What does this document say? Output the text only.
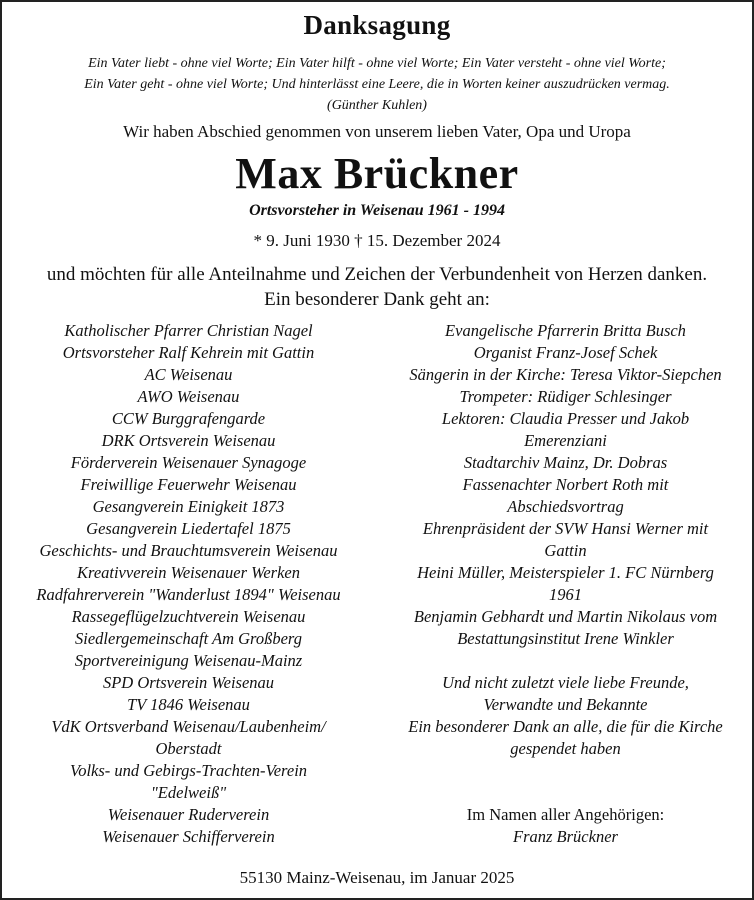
Danksagung
Ein Vater liebt - ohne viel Worte; Ein Vater hilft - ohne viel Worte; Ein Vater versteht - ohne viel Worte;
Ein Vater geht - ohne viel Worte; Und hinterlässt eine Leere, die in Worten keiner auszudrücken vermag.
(Günther Kuhlen)
Wir haben Abschied genommen von unserem lieben Vater, Opa und Uropa
Max Brückner
Ortsvorsteher in Weisenau 1961 - 1994
* 9. Juni 1930 † 15. Dezember 2024
und möchten für alle Anteilnahme und Zeichen der Verbundenheit von Herzen danken.
Ein besonderer Dank geht an:
Katholischer Pfarrer Christian Nagel
Ortsvorsteher Ralf Kehrein mit Gattin
AC Weisenau
AWO Weisenau
CCW Burggrafengarde
DRK Ortsverein Weisenau
Förderverein Weisenauer Synagoge
Freiwillige Feuerwehr Weisenau
Gesangverein Einigkeit 1873
Gesangverein Liedertafel 1875
Geschichts- und Brauchtumsverein Weisenau
Kreativverein Weisenauer Werken
Radfahrerverein "Wanderlust 1894" Weisenau
Rassegeflügelzuchtverein Weisenau
Siedlergemeinschaft Am Großberg
Sportvereinigung Weisenau-Mainz
SPD Ortsverein Weisenau
TV 1846 Weisenau
VdK Ortsverband Weisenau/Laubenheim/
Oberstadt
Volks- und Gebirgs-Trachten-Verein
"Edelweiß"
Weisenauer Ruderverein
Weisenauer Schifferverein
Evangelische Pfarrerin Britta Busch
Organist Franz-Josef Schek
Sängerin in der Kirche: Teresa Viktor-Siepchen
Trompeter: Rüdiger Schlesinger
Lektoren: Claudia Presser und Jakob
Emerenziani
Stadtarchiv Mainz, Dr. Dobras
Fassenachter Norbert Roth mit
Abschiedsvortrag
Ehrenpräsident der SVW Hansi Werner mit
Gattin
Heini Müller, Meisterspieler 1. FC Nürnberg
1961
Benjamin Gebhardt und Martin Nikolaus vom
Bestattungsinstitut Irene Winkler
Und nicht zuletzt viele liebe Freunde,
Verwandte und Bekannte
Ein besonderer Dank an alle, die für die Kirche
gespendet haben
Im Namen aller Angehörigen:
Franz Brückner
55130 Mainz-Weisenau, im Januar 2025
